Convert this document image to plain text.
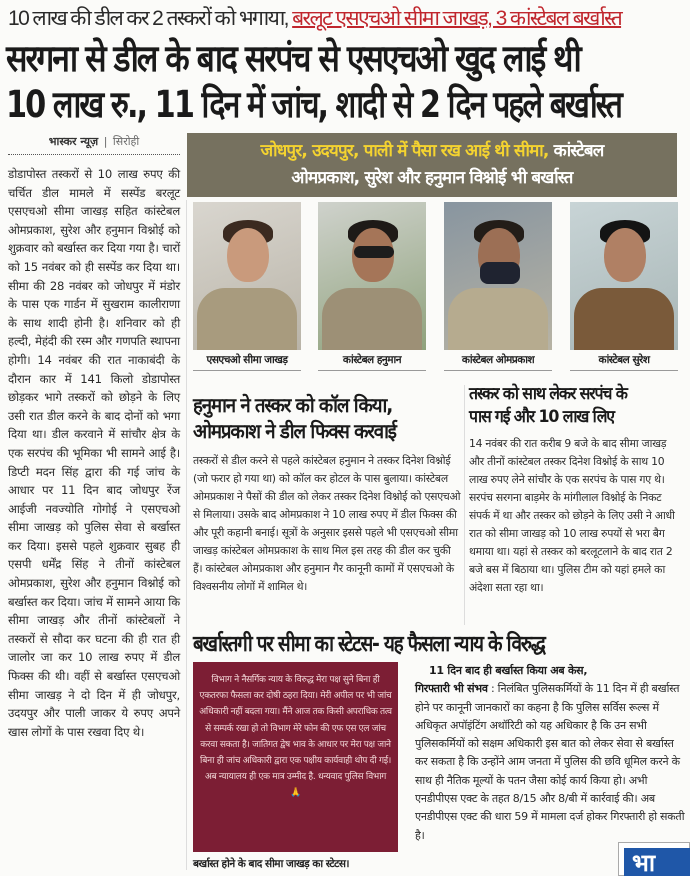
10 लाख की डील कर 2 तस्करों को भगाया, बरलूट एसएचओ सीमा जाखड़, 3 कांस्टेबल बर्खास्त
सरगना से डील के बाद सरपंच से एसएचओ खुद लाई थी
10 लाख रु., 11 दिन में जांच, शादी से 2 दिन पहले बर्खास्त
भास्कर न्यूज़ | सिरोही

डोडापोस्त तस्करों से 10 लाख रुपए की चर्चित डील मामले में सस्पेंड बरलूट एसएचओ सीमा जाखड़ सहित कांस्टेबल ओमप्रकाश, सुरेश और हनुमान विश्नोई को शुक्रवार को बर्खास्त कर दिया गया है। चारों को 15 नवंबर को ही सस्पेंड कर दिया था। सीमा की 28 नवंबर को जोधपुर में मंडोर के पास एक गार्डन में सुखराम कालीराणा के साथ शादी होनी है। शनिवार को ही हल्दी, मेहंदी की रस्म और गणपति स्थापना होगी। 14 नवंबर की रात नाकाबंदी के दौरान कार में 141 किलो डोडापोस्त छोड़कर भागे तस्करों को छोड़ने के लिए उसी रात डील करने के बाद दोनों को भगा दिया था। डील करवाने में सांचौर क्षेत्र के एक सरपंच की भूमिका भी सामने आई है। डिप्टी मदन सिंह द्वारा की गई जांच के आधार पर 11 दिन बाद जोधपुर रेंज आईजी नवज्योति गोगोई ने एसएचओ सीमा जाखड़ को पुलिस सेवा से बर्खास्त कर दिया। इससे पहले शुक्रवार सुबह ही एसपी धर्मेंद्र सिंह ने तीनों कांस्टेबल ओमप्रकाश, सुरेश और हनुमान विश्नोई को बर्खास्त कर दिया। जांच में सामने आया कि सीमा जाखड़ और तीनों कांस्टेबलों ने तस्करों से सौदा कर घटना की ही रात ही जालोर जा कर 10 लाख रुपए में डील फिक्स की थी। वहीं से बर्खास्त एसएचओ सीमा जाखड़ ने दो दिन में ही जोधपुर, उदयपुर और पाली जाकर ये रुपए अपने खास लोगों के पास रखवा दिए थे।

जोधपुर, उदयपुर, पाली में पैसा रख आई थी सीमा, कांस्टेबल
ओमप्रकाश, सुरेश और हनुमान विश्नोई भी बर्खास्त
एसएचओ सीमा जाखड़	कांस्टेबल हनुमान	कांस्टेबल ओमप्रकाश	कांस्टेबल सुरेश
हनुमान ने तस्कर को कॉल किया,
ओमप्रकाश ने डील फिक्स करवाई

तस्करों से डील करने से पहले कांस्टेबल हनुमान ने तस्कर दिनेश विश्नोई (जो फरार हो गया था) को कॉल कर होटल के पास बुलाया। कांस्टेबल ओमप्रकाश ने पैसों की डील को लेकर तस्कर दिनेश विश्नोई को एसएचओ से मिलाया। उसके बाद ओमप्रकाश ने 10 लाख रुपए में डील फिक्स की और पूरी कहानी बनाई। सूत्रों के अनुसार इससे पहले भी एसएचओ सीमा जाखड़ कांस्टेबल ओमप्रकाश के साथ मिल इस तरह की डील कर चुकी हैं। कांस्टेबल ओमप्रकाश और हनुमान गैर कानूनी कामों में एसएचओ के विश्वसनीय लोगों में शामिल थे।

तस्कर को साथ लेकर सरपंच के
पास गई और 10 लाख लिए

14 नवंबर की रात करीब 9 बजे के बाद सीमा जाखड़ और तीनों कांस्टेबल तस्कर दिनेश विश्नोई के साथ 10 लाख रुपए लेने सांचौर के एक सरपंच के पास गए थे। सरपंच सरगना बाड़मेर के मांगीलाल विश्नोई के निकट संपर्क में था और तस्कर को छोड़ने के लिए उसी ने आधी रात को सीमा जाखड़ को 10 लाख रुपयों से भरा बैग थमाया था। यहां से तस्कर को बरलूटलाने के बाद रात 2 बजे बस में बिठाया था। पुलिस टीम को यहां हमले का अंदेशा सता रहा था।

बर्खास्तगी पर सीमा का स्टेटस- यह फैसला न्याय के विरुद्ध

विभाग ने नैसर्गिक न्याय के विरुद्ध मेरा पक्ष सुने बिना ही एकतरफा फैसला कर दोषी ठहरा दिया। मेरी अपील पर भी जांच अधिकारी नहीं बदला गया। मैंने आज तक किसी अपराधिक तत्व से सम्पर्क रखा हो तो विभाग मेरे फोन की एफ एस एल जांच करवा सकता है। जातिगत द्वेष भाव के आधार पर मेरा पक्ष जाने बिना ही जांच अधिकारी द्वारा एक पक्षीय कार्यवाही थोप दी गई। अब न्यायालय ही एक मात्र उम्मीद है. धन्यवाद पुलिस विभाग 🙏

बर्खास्त होने के बाद सीमा जाखड़ का स्टेटस।
11 दिन बाद ही बर्खास्त किया अब केस,
गिरफ्तारी भी संभव : निलंबित पुलिसकर्मियों के 11 दिन में ही बर्खास्त होने पर कानूनी जानकारों का कहना है कि पुलिस सर्विस रूल्स में अधिकृत अपॉइंटिंग अथॉरिटी को यह अधिकार है कि उन सभी पुलिसकर्मियों को सक्षम अधिकारी इस बात को लेकर सेवा से बर्खास्त कर सकता है कि उन्होंने आम जनता में पुलिस की छवि धूमिल करने के साथ ही नैतिक मूल्यों के पतन जैसा कोई कार्य किया हो। अभी एनडीपीएस एक्ट के तहत 8/15 और 8/बी में कार्रवाई की। अब एनडीपीएस एक्ट की धारा 59 में मामला दर्ज होकर गिरफ्तारी हो सकती है।
भा
